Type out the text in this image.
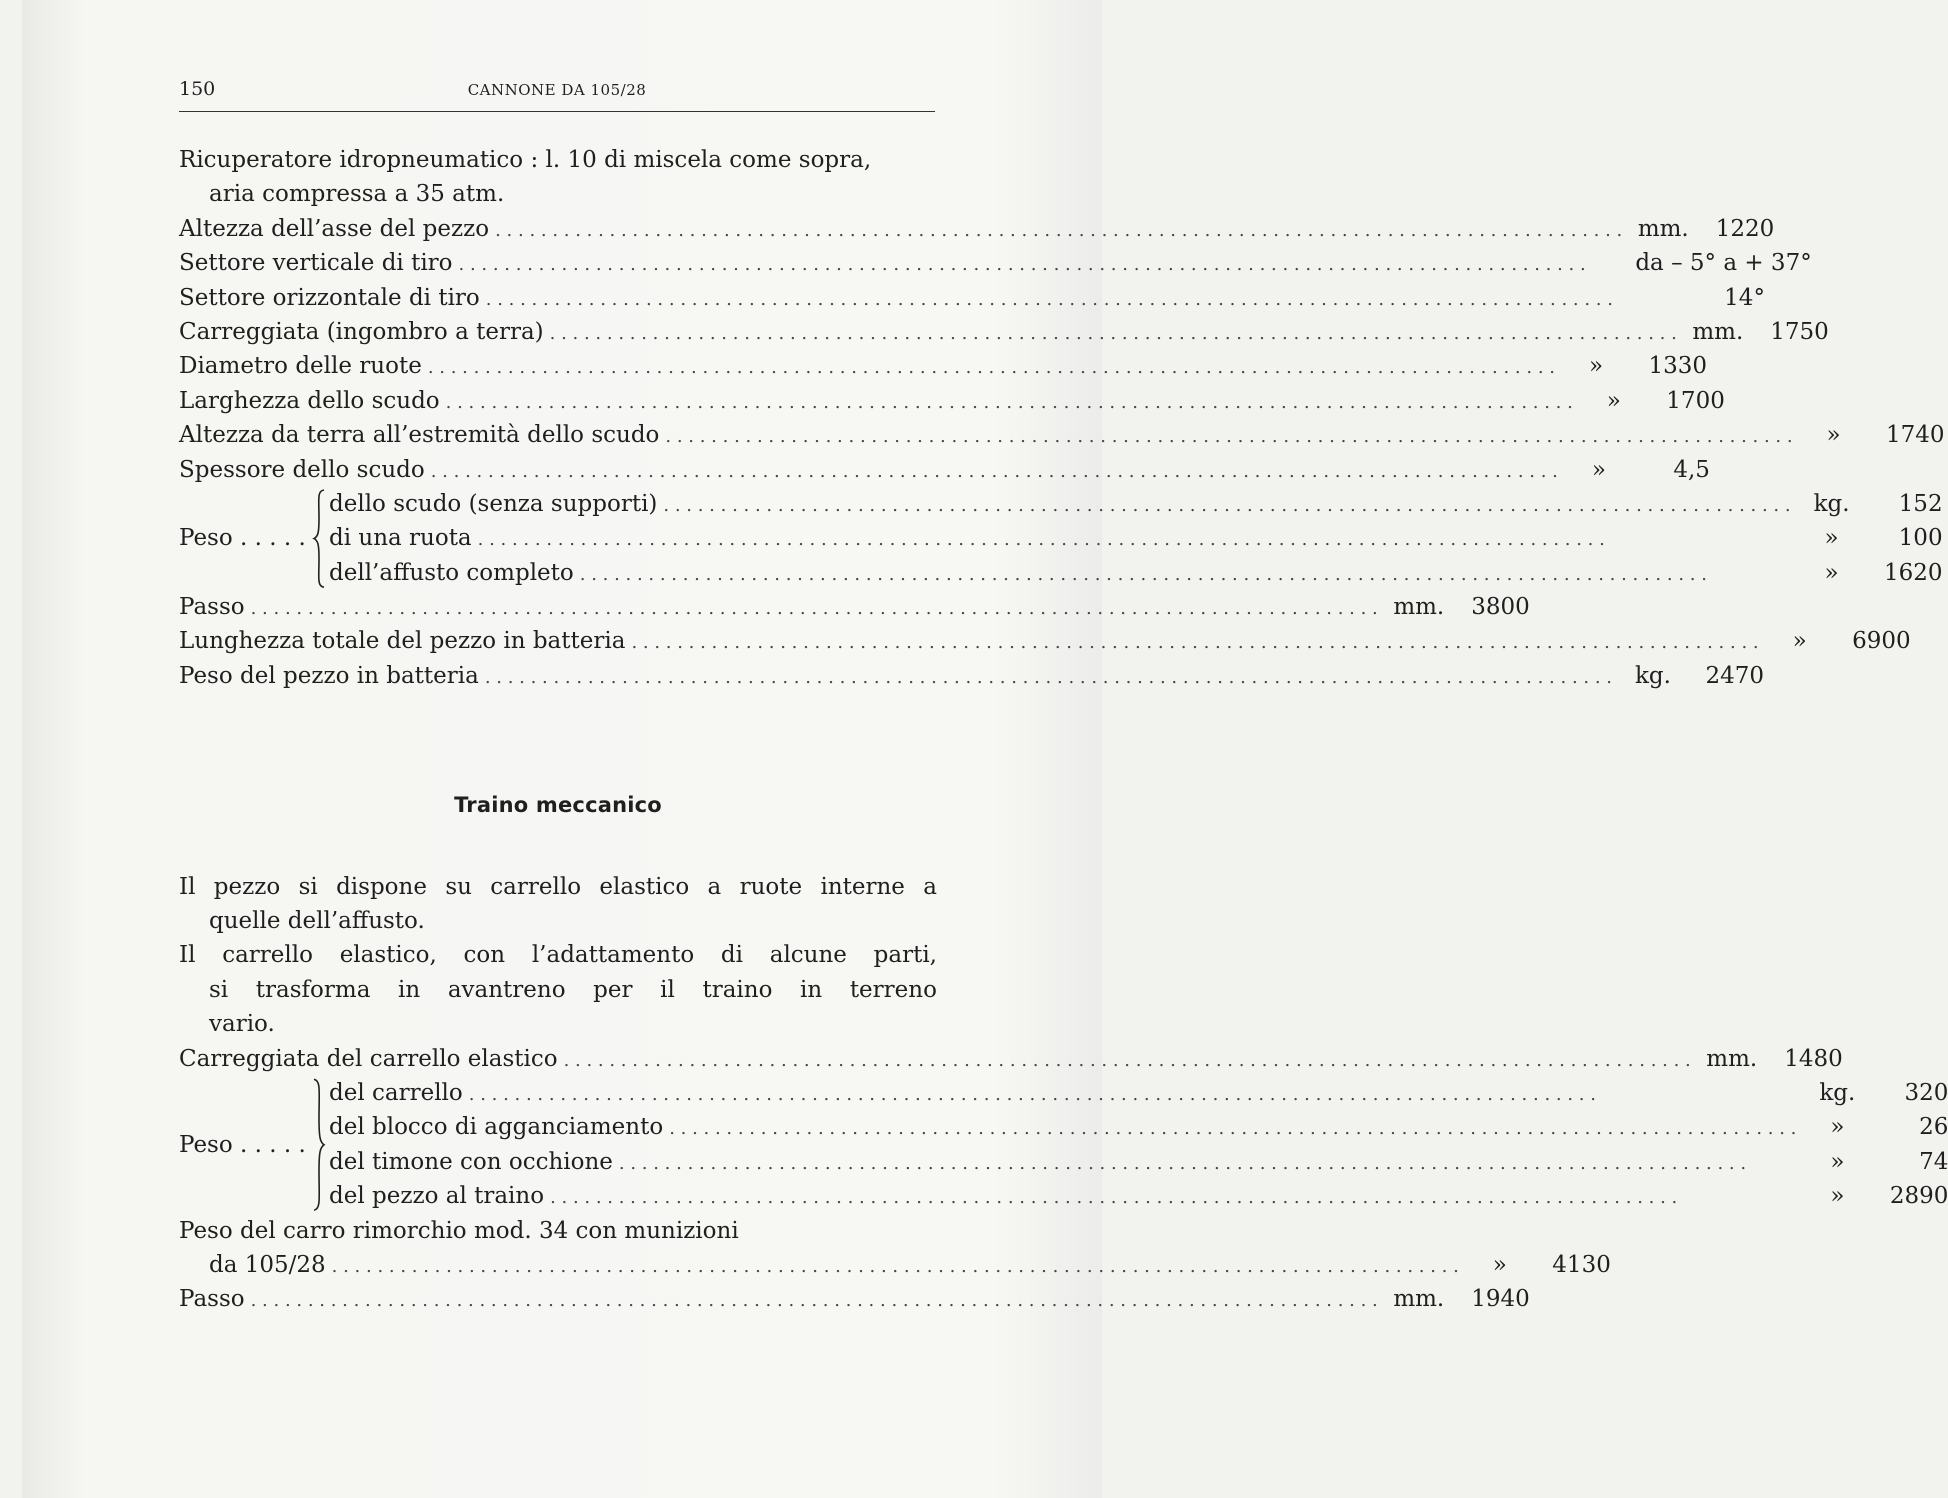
150	CANNONE DA 105/28
Ricuperatore idropneumatico : l. 10 di miscela come sopra,
aria compressa a 35 atm.
Altezza dell’asse del pezzo . . .	mm.	1220
Settore verticale di tiro . . .	da – 5° a + 37°
Settore orizzontale di tiro . . .	14°
Carreggiata (ingombro a terra) . . .	mm.	1750
Diametro delle ruote . . .	»	1330
Larghezza dello scudo . . .	»	1700
Altezza da terra all’estremità dello scudo . . .	»	1740
Spessore dello scudo . . .	»	4,5
Peso . . . . .
dello scudo (senza supporti) . . .	kg.	152
di una ruota . . .	»	100
dell’affusto completo . . .	»	1620
Passo . . .	mm.	3800
Lunghezza totale del pezzo in batteria . . .	»	6900
Peso del pezzo in batteria . . .	kg.	2470
Traino meccanico
Il pezzo si dispone su carrello elastico a ruote interne a
quelle dell’affusto.
Il carrello elastico, con l’adattamento di alcune parti,
si trasforma in avantreno per il traino in terreno
vario.
Carreggiata del carrello elastico . . .	mm.	1480
Peso . . . . .
del carrello . . .	kg.	320
del blocco di agganciamento . . .	»	26
del timone con occhione . . .	»	74
del pezzo al traino . . .	»	2890
Peso del carro rimorchio mod. 34 con munizioni
da 105/28 . . .	»	4130
Passo . . .	mm.	1940
